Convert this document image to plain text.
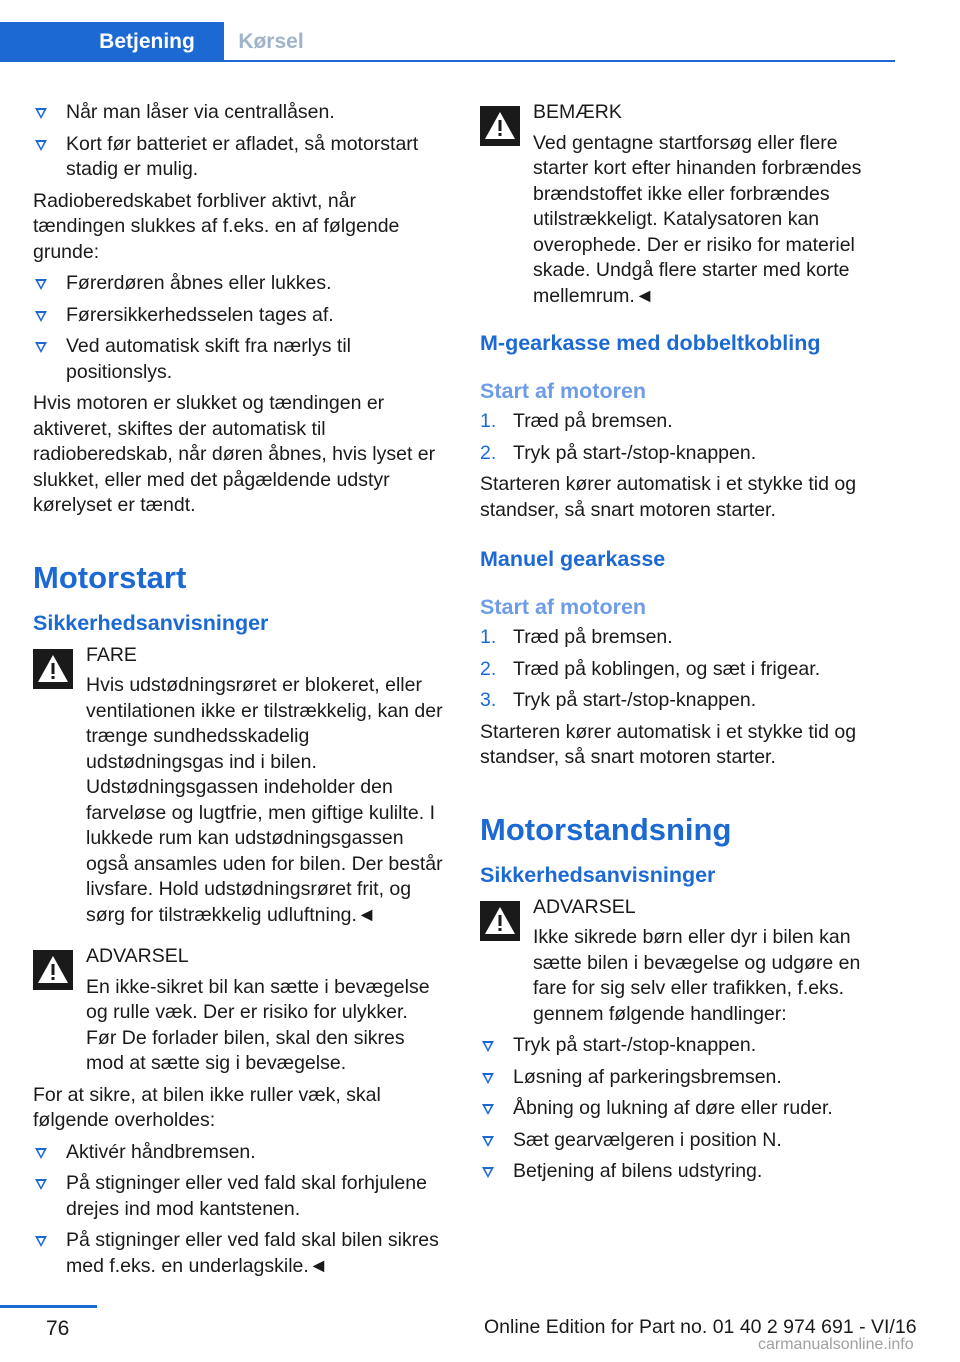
Betjening	Kørsel
Når man låser via centrallåsen.
Kort før batteriet er afladet, så motorstart stadig er mulig.

Radioberedskabet forbliver aktivt, når tændingen slukkes af f.eks. en af følgende grunde:

Førerdøren åbnes eller lukkes.
Førersikkerhedsselen tages af.
Ved automatisk skift fra nærlys til positionslys.

Hvis motoren er slukket og tændingen er aktiveret, skiftes der automatisk til radioberedskab, når døren åbnes, hvis lyset er slukket, eller med det pågældende udstyr kørelyset er tændt.

Motorstart
Sikkerhedsanvisninger

FARE

Hvis udstødningsrøret er blokeret, eller ventilationen ikke er tilstrækkelig, kan der trænge sundhedsskadelig udstødningsgas ind i bilen. Udstødningsgassen indeholder den farveløse og lugtfrie, men giftige kulilte. I lukkede rum kan udstødningsgassen også ansamles uden for bilen. Der består livsfare. Hold udstødningsrøret frit, og sørg for tilstrækkelig udluftning.◄

ADVARSEL

En ikke-sikret bil kan sætte i bevægelse og rulle væk. Der er risiko for ulykker. Før De forlader bilen, skal den sikres mod at sætte sig i bevægelse.

For at sikre, at bilen ikke ruller væk, skal følgende overholdes:

Aktivér håndbremsen.
På stigninger eller ved fald skal forhjulene drejes ind mod kantstenen.
På stigninger eller ved fald skal bilen sikres med f.eks. en underlagskile.◄

BEMÆRK

Ved gentagne startforsøg eller flere starter kort efter hinanden forbrændes brændstoffet ikke eller forbrændes utilstrækkeligt. Katalysatoren kan overophede. Der er risiko for materiel skade. Undgå flere starter med korte mellemrum.◄

M-gearkasse med dobbeltkobling
Start af motoren
1. Træd på bremsen.
2. Tryk på start-/stop-knappen.

Starteren kører automatisk i et stykke tid og standser, så snart motoren starter.

Manuel gearkasse
Start af motoren
1. Træd på bremsen.
2. Træd på koblingen, og sæt i frigear.
3. Tryk på start-/stop-knappen.

Starteren kører automatisk i et stykke tid og standser, så snart motoren starter.

Motorstandsning
Sikkerhedsanvisninger

ADVARSEL

Ikke sikrede børn eller dyr i bilen kan sætte bilen i bevægelse og udgøre en fare for sig selv eller trafikken, f.eks. gennem følgende handlinger:

Tryk på start-/stop-knappen.
Løsning af parkeringsbremsen.
Åbning og lukning af døre eller ruder.
Sæt gearvælgeren i position N.
Betjening af bilens udstyring.
76	Online Edition for Part no. 01 40 2 974 691 - VI/16
carmanualsonline.info
